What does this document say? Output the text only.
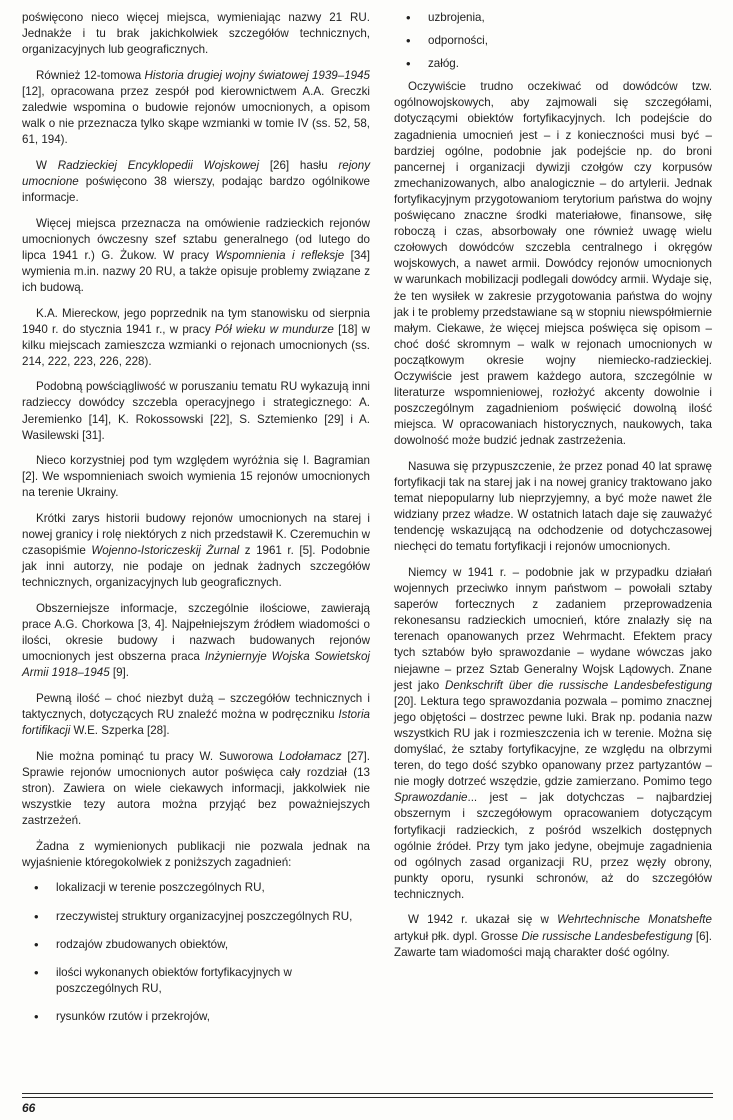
poświęcono nieco więcej miejsca, wymieniając nazwy 21 RU. Jednakże i tu brak jakichkolwiek szczegółów technicznych, organizacyjnych lub geograficznych.

Również 12-tomowa Historia drugiej wojny światowej 1939–1945 [12], opracowana przez zespół pod kierownictwem A.A. Greczki zaledwie wspomina o budowie rejonów umocnionych, a opisom walk o nie przeznacza tylko skąpe wzmianki w tomie IV (ss. 52, 58, 61, 194).

W Radzieckiej Encyklopedii Wojskowej [26] hasłu rejony umocnione poświęcono 38 wierszy, podając bardzo ogólnikowe informacje.

Więcej miejsca przeznacza na omówienie radzieckich rejonów umocnionych ówczesny szef sztabu generalnego (od lutego do lipca 1941 r.) G. Żukow. W pracy Wspomnienia i refleksje [34] wymienia m.in. nazwy 20 RU, a także opisuje problemy związane z ich budową.

K.A. Miereckow, jego poprzednik na tym stanowisku od sierpnia 1940 r. do stycznia 1941 r., w pracy Pół wieku w mundurze [18] w kilku miejscach zamieszcza wzmianki o rejonach umocnionych (ss. 214, 222, 223, 226, 228).

Podobną powściągliwość w poruszaniu tematu RU wykazują inni radzieccy dowódcy szczebla operacyjnego i strategicznego: A. Jeremienko [14], K. Rokossowski [22], S. Sztemienko [29] i A. Wasilewski [31].

Nieco korzystniej pod tym względem wyróżnia się I. Bagramian [2]. We wspomnieniach swoich wymienia 15 rejonów umocnionych na terenie Ukrainy.

Krótki zarys historii budowy rejonów umocnionych na starej i nowej granicy i rolę niektórych z nich przedstawił K. Czeremuchin w czasopiśmie Wojenno-Istoriczeskij Żurnal z 1961 r. [5]. Podobnie jak inni autorzy, nie podaje on jednak żadnych szczegółów technicznych, organizacyjnych lub geograficznych.

Obszerniejsze informacje, szczególnie ilościowe, zawierają prace A.G. Chorkowa [3, 4]. Najpełniejszym źródłem wiadomości o ilości, okresie budowy i nazwach budowanych rejonów umocnionych jest obszerna praca Inżyniernyje Wojska Sowietskoj Armii 1918–1945 [9].

Pewną ilość – choć niezbyt dużą – szczegółów technicznych i taktycznych, dotyczących RU znaleźć można w podręczniku Istoria fortifikacji W.E. Szperka [28].

Nie można pominąć tu pracy W. Suworowa Lodołamacz [27]. Sprawie rejonów umocnionych autor poświęca cały rozdział (13 stron). Zawiera on wiele ciekawych informacji, jakkolwiek nie wszystkie tezy autora można przyjąć bez poważniejszych zastrzeżeń.

Żadna z wymienionych publikacji nie pozwala jednak na wyjaśnienie któregokolwiek z poniższych zagadnień:

• lokalizacji w terenie poszczególnych RU,
• rzeczywistej struktury organizacyjnej poszczególnych RU,
• rodzajów zbudowanych obiektów,
• ilości wykonanych obiektów fortyfikacyjnych w poszczególnych RU,
• rysunków rzutów i przekrojów,
• uzbrojenia,
• odporności,
• załóg.

Oczywiście trudno oczekiwać od dowódców tzw. ogólnowojskowych, aby zajmowali się szczegółami, dotyczącymi obiektów fortyfikacyjnych. Ich podejście do zagadnienia umocnień jest – i z konieczności musi być – bardziej ogólne, podobnie jak podejście np. do broni pancernej i organizacji dywizji czołgów czy korpusów zmechanizowanych, albo analogicznie – do artylerii. Jednak fortyfikacyjnym przygotowaniom terytorium państwa do wojny poświęcano znaczne środki materiałowe, finansowe, siłę roboczą i czas, absorbowały one również uwagę wielu czołowych dowódców szczebla centralnego i okręgów wojskowych, a nawet armii. Dowódcy rejonów umocnionych w warunkach mobilizacji podlegali dowódcy armii. Wydaje się, że ten wysiłek w zakresie przygotowania państwa do wojny jak i te problemy przedstawiane są w stopniu niewspółmiernie małym. Ciekawe, że więcej miejsca poświęca się opisom – choć dość skromnym – walk w rejonach umocnionych w początkowym okresie wojny niemiecko-radzieckiej. Oczywiście jest prawem każdego autora, szczególnie w literaturze wspomnieniowej, rozłożyć akcenty dowolnie i poszczególnym zagadnieniom poświęcić dowolną ilość miejsca. W opracowaniach historycznych, naukowych, taka dowolność może budzić jednak zastrzeżenia.

Nasuwa się przypuszczenie, że przez ponad 40 lat sprawę fortyfikacji tak na starej jak i na nowej granicy traktowano jako temat niepopularny lub nieprzyjemny, a być może nawet źle widziany przez władze. W ostatnich latach daje się zauważyć tendencję wskazującą na odchodzenie od dotychczasowej niechęci do tematu fortyfikacji i rejonów umocnionych.

Niemcy w 1941 r. – podobnie jak w przypadku działań wojennych przeciwko innym państwom – powołali sztaby saperów fortecznych z zadaniem przeprowadzenia rekonesansu radzieckich umocnień, które znalazły się na terenach opanowanych przez Wehrmacht. Efektem pracy tych sztabów było sprawozdanie – wydane wówczas jako niejawne – przez Sztab Generalny Wojsk Lądowych. Znane jest jako Denkschrift über die russische Landesbefestigung [20]. Lektura tego sprawozdania pozwala – pomimo znacznej jego objętości – dostrzec pewne luki. Brak np. podania nazw wszystkich RU jak i rozmieszczenia ich w terenie. Można się domyślać, że sztaby fortyfikacyjne, ze względu na olbrzymi teren, do tego dość szybko opanowany przez partyzantów – nie mogły dotrzeć wszędzie, gdzie zamierzano. Pomimo tego Sprawozdanie... jest – jak dotychczas – najbardziej obszernym i szczegółowym opracowaniem dotyczącym fortyfikacji radzieckich, z pośród wszelkich dostępnych ogólnie źródeł. Przy tym jako jedyne, obejmuje zagadnienia od ogólnych zasad organizacji RU, przez węzły obrony, punkty oporu, rysunki schronów, aż do szczegółów technicznych.

W 1942 r. ukazał się w Wehrtechnische Monatshefte artykuł płk. dypl. Grosse Die russische Landesbefestigung [6]. Zawarte tam wiadomości mają charakter dość ogólny.

66
